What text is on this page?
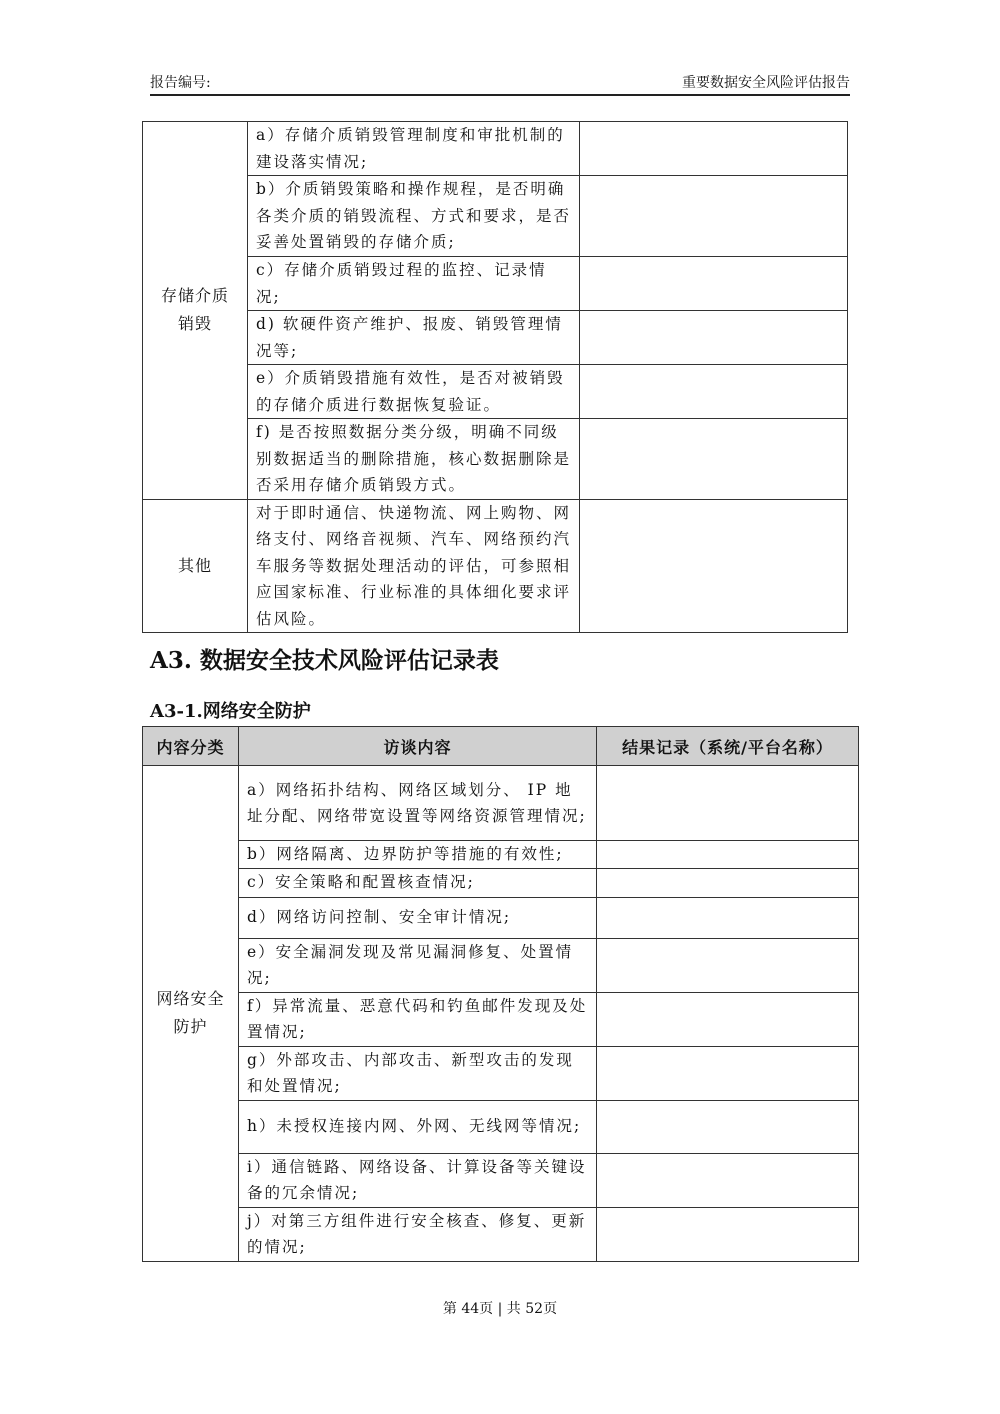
报告编号:	重要数据安全风险评估报告
存储介质
销毁	a）存储介质销毁管理制度和审批机制的建设落实情况;	
	b）介质销毁策略和操作规程，是否明确各类介质的销毁流程、方式和要求，是否妥善处置销毁的存储介质;	
	c）存储介质销毁过程的监控、记录情况;	
	d) 软硬件资产维护、报废、销毁管理情况等;	
	e）介质销毁措施有效性，是否对被销毁的存储介质进行数据恢复验证。	
	f) 是否按照数据分类分级，明确不同级别数据适当的删除措施，核心数据删除是否采用存储介质销毁方式。	
其他	对于即时通信、快递物流、网上购物、网络支付、网络音视频、汽车、网络预约汽车服务等数据处理活动的评估，可参照相应国家标准、行业标准的具体细化要求评估风险。	
A3. 数据安全技术风险评估记录表
A3-1.网络安全防护
内容分类	访谈内容	结果记录（系统/平台名称）
网络安全
防护	a）网络拓扑结构、网络区域划分、 IP 地址分配、网络带宽设置等网络资源管理情况;	
	b）网络隔离、边界防护等措施的有效性;	
	c）安全策略和配置核查情况;	
	d）网络访问控制、安全审计情况;	
	e）安全漏洞发现及常见漏洞修复、处置情况;	
	f）异常流量、恶意代码和钓鱼邮件发现及处置情况;	
	g）外部攻击、内部攻击、新型攻击的发现和处置情况;	
	h）未授权连接内网、外网、无线网等情况;	
	i）通信链路、网络设备、计算设备等关键设备的冗余情况;	
	j）对第三方组件进行安全核查、修复、更新的情况;	
第 44页 | 共 52页
